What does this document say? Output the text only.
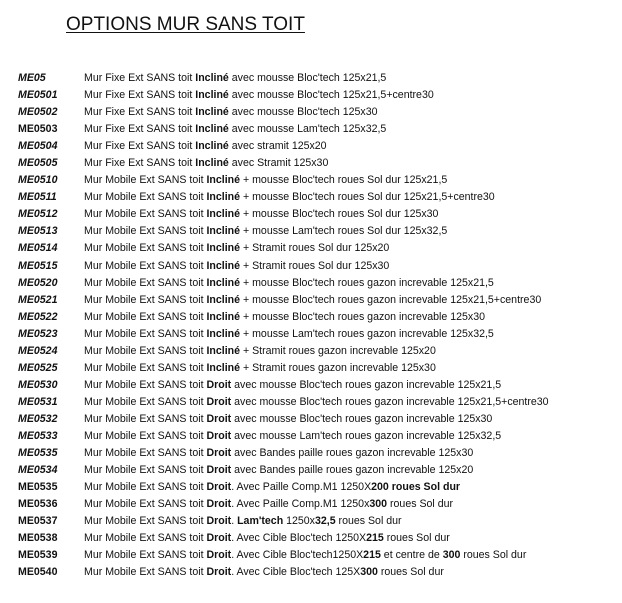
OPTIONS MUR SANS TOIT
ME05	Mur Fixe Ext SANS toit Incliné avec mousse Bloc'tech 125x21,5
ME0501	Mur Fixe Ext SANS toit Incliné avec mousse Bloc'tech 125x21,5+centre30
ME0502	Mur Fixe Ext SANS toit Incliné avec mousse Bloc'tech 125x30
ME0503	Mur Fixe Ext SANS toit Incliné avec mousse Lam'tech 125x32,5
ME0504	Mur Fixe Ext SANS toit Incliné avec stramit 125x20
ME0505	Mur Fixe Ext SANS toit Incliné avec Stramit 125x30
ME0510	Mur Mobile Ext SANS toit Incliné + mousse Bloc'tech roues Sol dur 125x21,5
ME0511	Mur Mobile Ext SANS toit Incliné + mousse Bloc'tech roues Sol dur 125x21,5+centre30
ME0512	Mur Mobile Ext SANS toit Incliné + mousse Bloc'tech roues Sol dur 125x30
ME0513	Mur Mobile Ext SANS toit Incliné + mousse Lam'tech roues Sol dur 125x32,5
ME0514	Mur Mobile Ext SANS toit Incliné + Stramit roues Sol dur 125x20
ME0515	Mur Mobile Ext SANS toit Incliné + Stramit roues Sol dur 125x30
ME0520	Mur Mobile Ext SANS toit Incliné + mousse Bloc'tech roues gazon increvable 125x21,5
ME0521	Mur Mobile Ext SANS toit Incliné + mousse Bloc'tech roues gazon increvable 125x21,5+centre30
ME0522	Mur Mobile Ext SANS toit Incliné + mousse Bloc'tech roues gazon increvable 125x30
ME0523	Mur Mobile Ext SANS toit Incliné + mousse Lam'tech roues gazon increvable 125x32,5
ME0524	Mur Mobile Ext SANS toit Incliné + Stramit roues gazon increvable 125x20
ME0525	Mur Mobile Ext SANS toit Incliné + Stramit roues gazon increvable 125x30
ME0530	Mur Mobile Ext SANS toit Droit avec mousse Bloc'tech roues gazon increvable 125x21,5
ME0531	Mur Mobile Ext SANS toit Droit avec mousse Bloc'tech roues gazon increvable 125x21,5+centre30
ME0532	Mur Mobile Ext SANS toit Droit avec mousse Bloc'tech roues gazon increvable 125x30
ME0533	Mur Mobile Ext SANS toit Droit avec mousse Lam'tech roues gazon increvable 125x32,5
ME0535	Mur Mobile Ext SANS toit Droit avec Bandes paille roues gazon increvable 125x30
ME0534	Mur Mobile Ext SANS toit Droit avec Bandes paille roues gazon increvable 125x20
ME0535	Mur Mobile Ext SANS toit Droit. Avec Paille Comp.M1 1250X200 roues Sol dur
ME0536	Mur Mobile Ext SANS toit Droit. Avec Paille Comp.M1 1250x300 roues Sol dur
ME0537	Mur Mobile Ext SANS toit Droit. Lam'tech 1250x32,5 roues Sol dur
ME0538	Mur Mobile Ext SANS toit Droit. Avec Cible Bloc'tech 1250X215 roues Sol dur
ME0539	Mur Mobile Ext SANS toit Droit. Avec Cible Bloc'tech1250X215 et centre de 300 roues Sol dur
ME0540	Mur Mobile Ext SANS toit Droit. Avec Cible Bloc'tech 125X300 roues Sol dur
